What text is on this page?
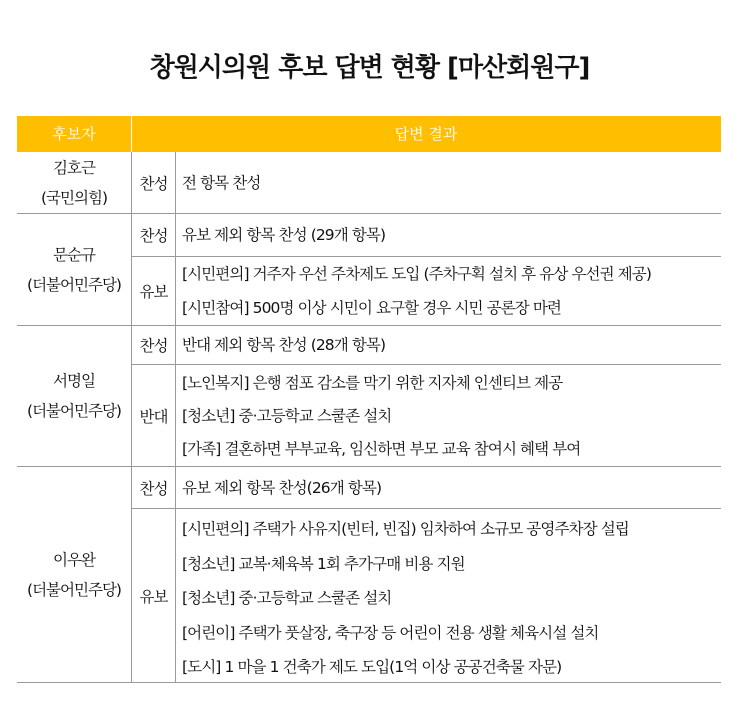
창원시의원 후보 답변 현황 [마산회원구]
후보자	답변 결과
김호근
(국민의힘)
찬성 전 항목 찬성
문순규
(더불어민주당)
찬성 유보 제외 항목 찬성 (29개 항목)
유보
[시민편의] 거주자 우선 주차제도 도입 (주차구획 설치 후 유상 우선권 제공)
[시민참여] 500명 이상 시민이 요구할 경우 시민 공론장 마련
서명일
(더불어민주당)
찬성 반대 제외 항목 찬성 (28개 항목)
반대
[노인복지] 은행 점포 감소를 막기 위한 지자체 인센티브 제공
[청소년] 중·고등학교 스쿨존 설치
[가족] 결혼하면 부부교육, 임신하면 부모 교육 참여시 혜택 부여
이우완
(더불어민주당)
찬성 유보 제외 항목 찬성(26개 항목)
유보
[시민편의] 주택가 사유지(빈터, 빈집) 임차하여 소규모 공영주차장 설립
[청소년] 교복·체육복 1회 추가구매 비용 지원
[청소년] 중·고등학교 스쿨존 설치
[어린이] 주택가 풋살장, 축구장 등 어린이 전용 생활 체육시설 설치
[도시] 1 마을 1 건축가 제도 도입(1억 이상 공공건축물 자문)
